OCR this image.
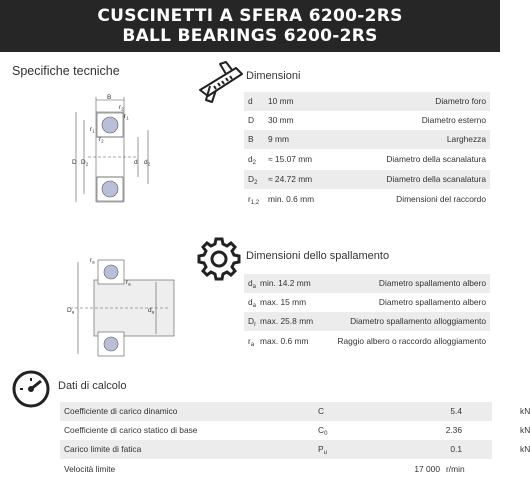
CUSCINETTI A SFERA 6200-2RS
BALL BEARINGS 6200-2RS
Specifiche tecniche
B
$r_2$
$r_1$
$r_1$
$r_2$
D $D_2$	d $d_2$
Dimensioni
d 10 mm	Diametro foro
D 30 mm	Diametro esterno
B 9 mm	Larghezza
$d_2 \approx 15.07$ mm	Diametro della scanalatura
$D_2 \approx 24.72$ mm	Diametro della scanalatura
$r_{1,2}$ min. 0.6 mm	Dimensioni del raccordo
Dimensioni dello spallamento
$r_a$
$r_a$
$D_a$	$d_a$
$d_a$ min. 14.2 mm	Diametro spallamento albero
$d_a$ max. 15 mm	Diametro spallamento albero
$D_r$ max. 25.8 mm	Diametro spallamento alloggiamento
$r_a$ max. 0.6 mm	Raggio albero o raccordo alloggiamento
Dati di calcolo
Coefficiente di carico dinamico	C	5.4	kN
Coefficiente di carico statico di base	$C_0$	2.36	kN
Carico limite di fatica	$P_u$	0.1	kN
Velocità limite	17 000 r/min
